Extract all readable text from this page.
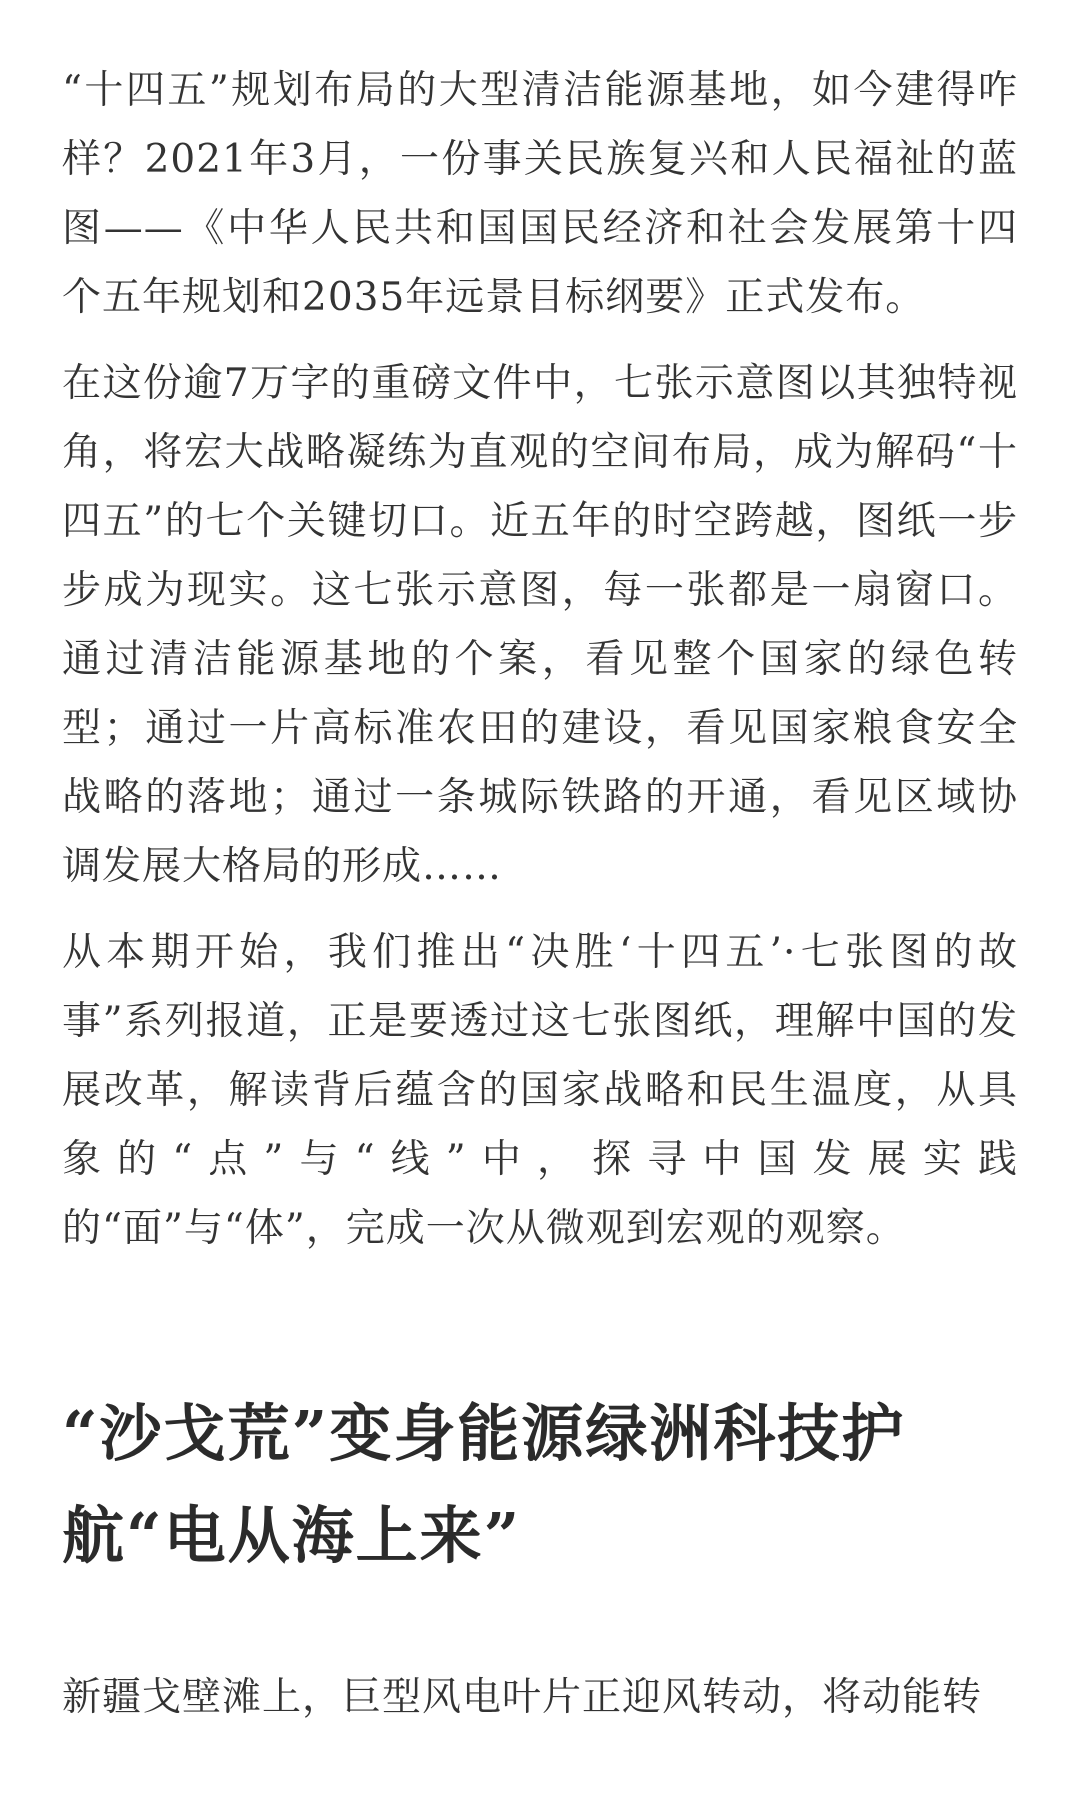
“十四五”规划布局的大型清洁能源基地，如今建得咋样？2021年3月，一份事关民族复兴和人民福祉的蓝图——《中华人民共和国国民经济和社会发展第十四个五年规划和2035年远景目标纲要》正式发布。

在这份逾7万字的重磅文件中，七张示意图以其独特视角，将宏大战略凝练为直观的空间布局，成为解码“十四五”的七个关键切口。近五年的时空跨越，图纸一步步成为现实。这七张示意图，每一张都是一扇窗口。通过清洁能源基地的个案，看见整个国家的绿色转型；通过一片高标准农田的建设，看见国家粮食安全战略的落地；通过一条城际铁路的开通，看见区域协调发展大格局的形成……

从本期开始，我们推出“决胜‘十四五’·七张图的故事”系列报道，正是要透过这七张图纸，理解中国的发展改革，解读背后蕴含的国家战略和民生温度，从具象的“点”与“线”中，探寻中国发展实践的“面”与“体”，完成一次从微观到宏观的观察。

“沙戈荒”变身能源绿洲科技护航“电从海上来”

新疆戈壁滩上，巨型风电叶片正迎风转动，将动能转
